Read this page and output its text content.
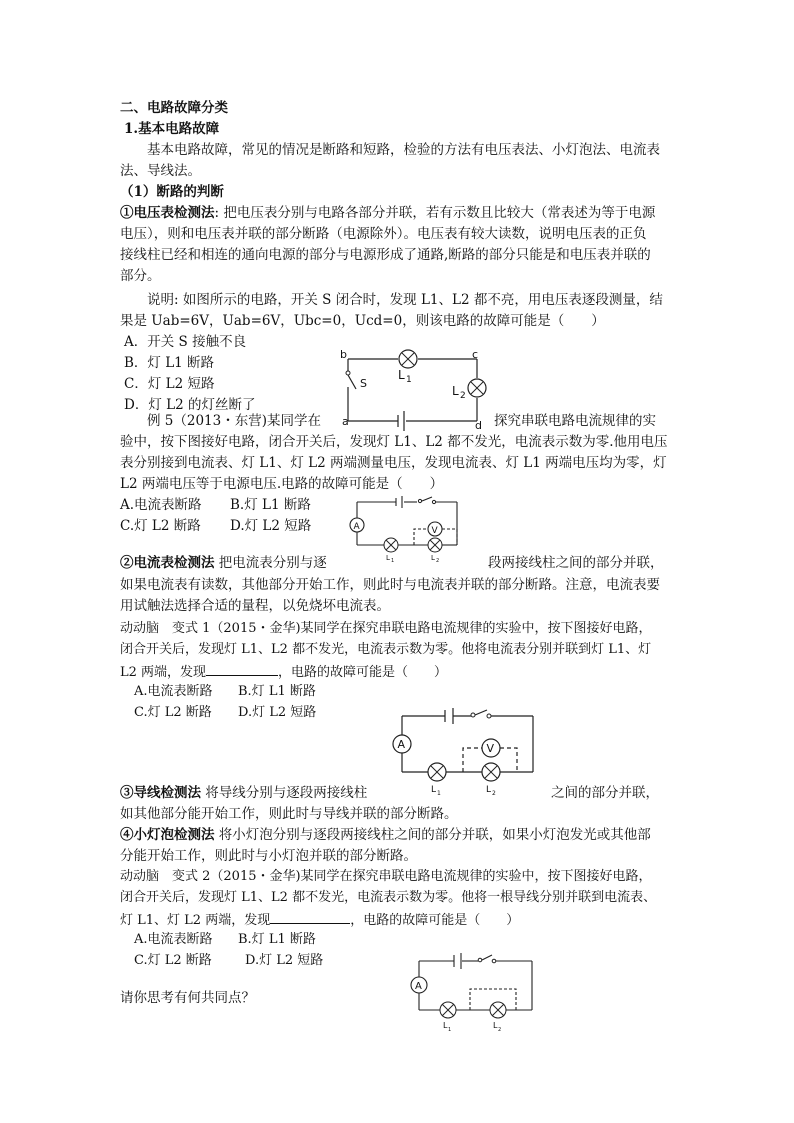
二、电路故障分类
1.基本电路故障
基本电路故障，常见的情况是断路和短路，检验的方法有电压表法、小灯泡法、电流表
法、导线法。
（1）断路的判断
①电压表检测法: 把电压表分别与电路各部分并联，若有示数且比较大（常表述为等于电源
电压），则和电压表并联的部分断路（电源除外）。电压表有较大读数，说明电压表的正负
接线柱已经和相连的通向电源的部分与电源形成了通路,断路的部分只能是和电压表并联的
部分。
说明: 如图所示的电路，开关 S 闭合时，发现 L1、L2 都不亮，用电压表逐段测量，结
果是 Uab=6V，Uab=6V，Ubc=0，Ucd=0，则该电路的故障可能是（　　）
A．开关 S 接触不良
B．灯 L1 断路
C．灯 L2 短路
D．灯 L2 的灯丝断了
b	c
a	d
S
L 1
L 2
例 5（2013・东营)某同学在	探究串联电路电流规律的实
验中，按下图接好电路，闭合开关后，发现灯 L1、L2 都不发光，电流表示数为零.他用电压
表分别接到电流表、灯 L1、灯 L2 两端测量电压，发现电流表、灯 L1 两端电压均为零，灯
L2 两端电压等于电源电压.电路的故障可能是（　　）
A.电流表断路 B.灯 L1 断路
C.灯 L2 断路 D.灯 L2 短路	A	V
L 1	L 2
②电流表检测法 把电流表分别与逐	段两接线柱之间的部分并联，
如果电流表有读数，其他部分开始工作，则此时与电流表并联的部分断路。注意，电流表要
用试触法选择合适的量程，以免烧坏电流表。
动动脑　变式 1（2015・金华)某同学在探究串联电路电流规律的实验中，按下图接好电路，
闭合开关后，发现灯 L1、L2 都不发光，电流表示数为零。他将电流表分别并联到灯 L1、灯
L2 两端，发现	，电路的故障可能是（　　）
A.电流表断路 B.灯 L1 断路
C.灯 L2 断路 D.灯 L2 短路
A	V
L 1	L 2
③导线检测法 将导线分别与逐段两接线柱	之间的部分并联，
如其他部分能开始工作，则此时与导线并联的部分断路。
④小灯泡检测法 将小灯泡分别与逐段两接线柱之间的部分并联，如果小灯泡发光或其他部
分能开始工作，则此时与小灯泡并联的部分断路。
动动脑　变式 2（2015・金华)某同学在探究串联电路电流规律的实验中，按下图接好电路，
闭合开关后，发现灯 L1、L2 都不发光，电流表示数为零。他将一根导线分别并联到电流表、
灯 L1、灯 L2 两端，发现	，电路的故障可能是（　　）
A.电流表断路 B.灯 L1 断路
C.灯 L2 断路	D.灯 L2 短路
A
L 1	L 2
请你思考有何共同点？
